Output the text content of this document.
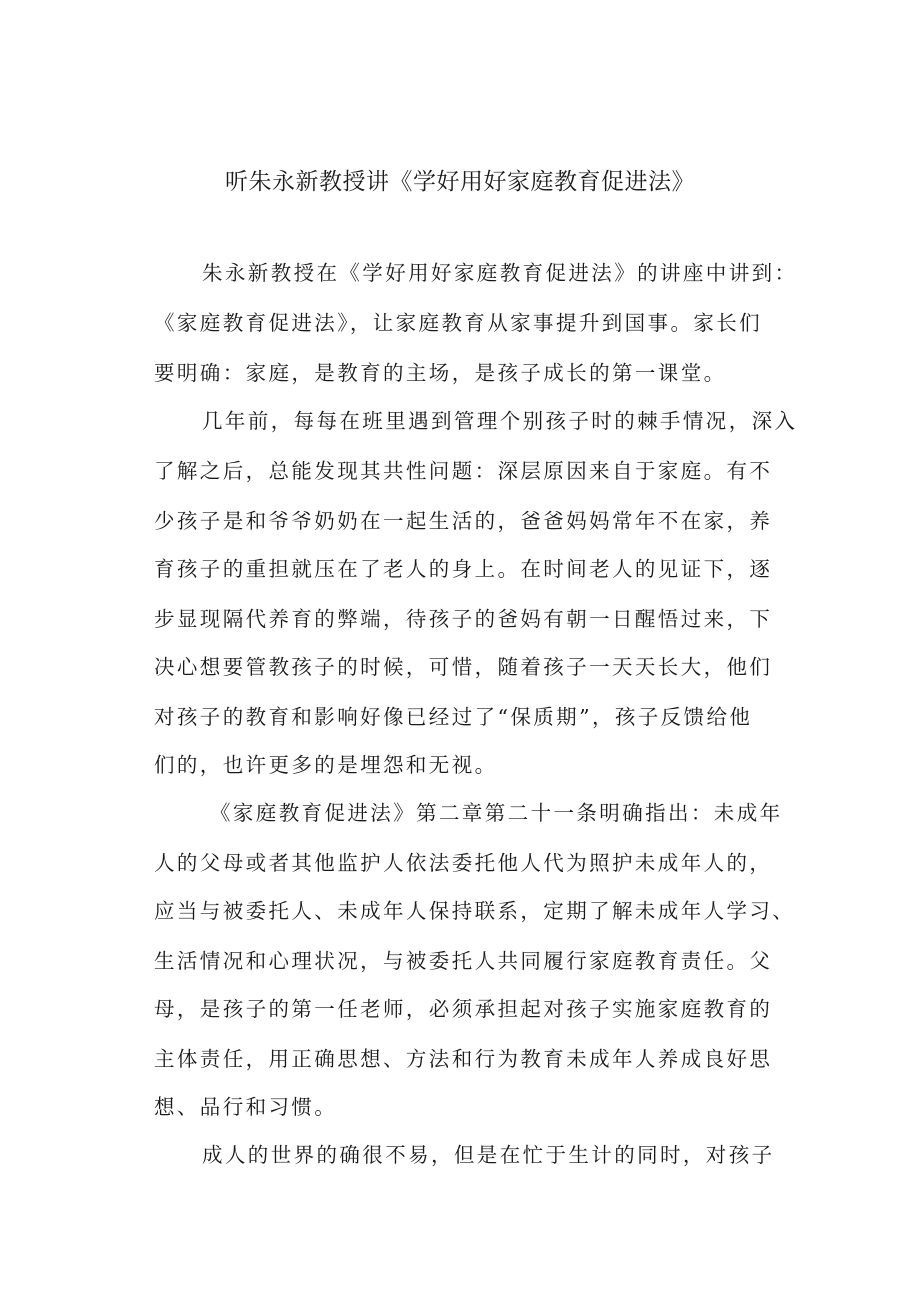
听朱永新教授讲《学好用好家庭教育促进法》
朱永新教授在《学好用好家庭教育促进法》的讲座中讲到：
《家庭教育促进法》，让家庭教育从家事提升到国事。家长们
要明确：家庭，是教育的主场，是孩子成长的第一课堂。
几年前，每每在班里遇到管理个别孩子时的棘手情况，深入
了解之后，总能发现其共性问题：深层原因来自于家庭。有不
少孩子是和爷爷奶奶在一起生活的，爸爸妈妈常年不在家，养
育孩子的重担就压在了老人的身上。在时间老人的见证下，逐
步显现隔代养育的弊端，待孩子的爸妈有朝一日醒悟过来，下
决心想要管教孩子的时候，可惜，随着孩子一天天长大，他们
对孩子的教育和影响好像已经过了“保质期”，孩子反馈给他
们的，也许更多的是埋怨和无视。
《家庭教育促进法》第二章第二十一条明确指出：未成年
人的父母或者其他监护人依法委托他人代为照护未成年人的，
应当与被委托人、未成年人保持联系，定期了解未成年人学习、
生活情况和心理状况，与被委托人共同履行家庭教育责任。父
母，是孩子的第一任老师，必须承担起对孩子实施家庭教育的
主体责任，用正确思想、方法和行为教育未成年人养成良好思
想、品行和习惯。
成人的世界的确很不易，但是在忙于生计的同时，对孩子
